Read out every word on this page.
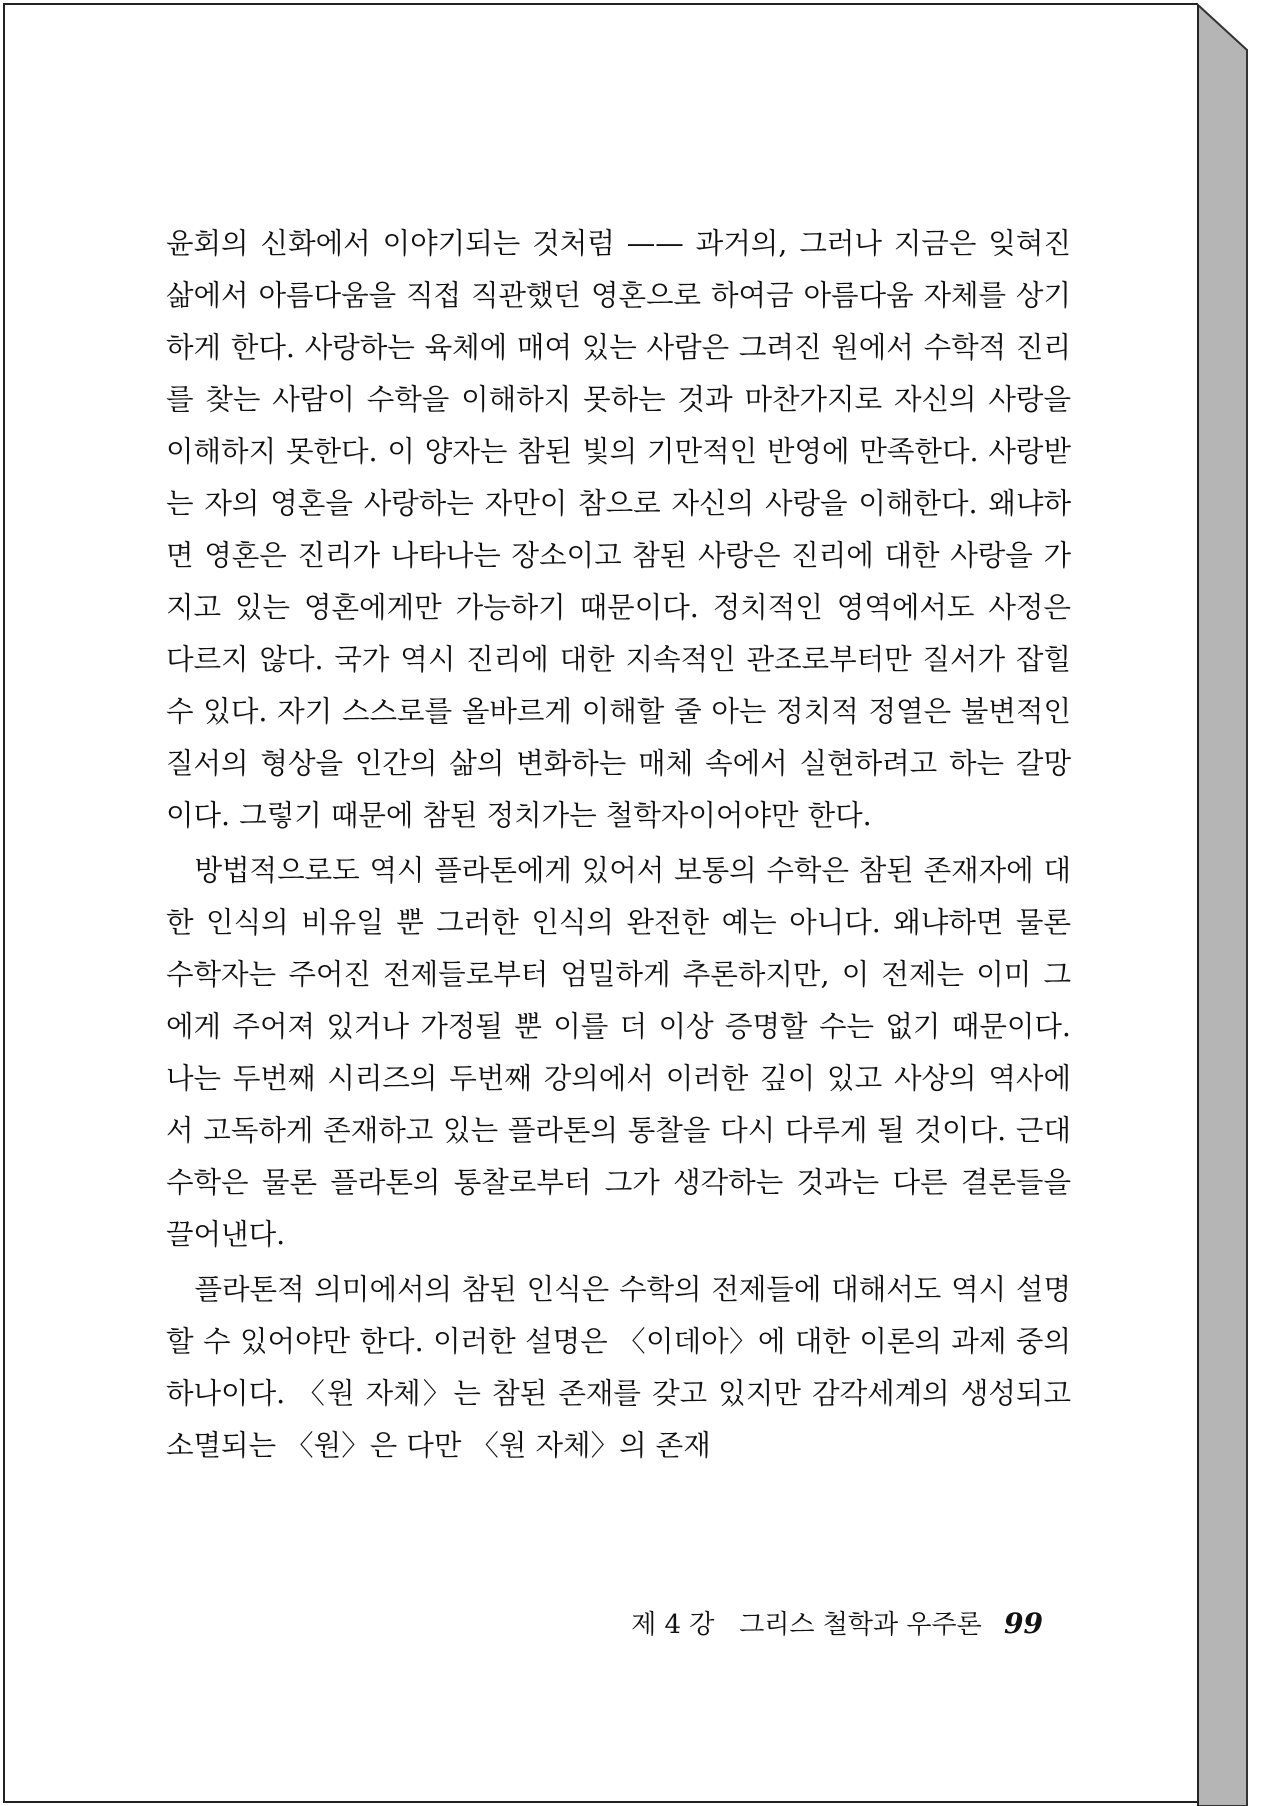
윤회의 신화에서 이야기되는 것처럼 —— 과거의, 그러나 지금은 잊혀진 삶에서 아름다움을 직접 직관했던 영혼으로 하여금 아름다움 자체를 상기하게 한다. 사랑하는 육체에 매여 있는 사람은 그려진 원에서 수학적 진리를 찾는 사람이 수학을 이해하지 못하는 것과 마찬가지로 자신의 사랑을 이해하지 못한다. 이 양자는 참된 빛의 기만적인 반영에 만족한다. 사랑받는 자의 영혼을 사랑하는 자만이 참으로 자신의 사랑을 이해한다. 왜냐하면 영혼은 진리가 나타나는 장소이고 참된 사랑은 진리에 대한 사랑을 가지고 있는 영혼에게만 가능하기 때문이다. 정치적인 영역에서도 사정은 다르지 않다. 국가 역시 진리에 대한 지속적인 관조로부터만 질서가 잡힐 수 있다. 자기 스스로를 올바르게 이해할 줄 아는 정치적 정열은 불변적인 질서의 형상을 인간의 삶의 변화하는 매체 속에서 실현하려고 하는 갈망이다. 그렇기 때문에 참된 정치가는 철학자이어야만 한다.

방법적으로도 역시 플라톤에게 있어서 보통의 수학은 참된 존재자에 대한 인식의 비유일 뿐 그러한 인식의 완전한 예는 아니다. 왜냐하면 물론 수학자는 주어진 전제들로부터 엄밀하게 추론하지만, 이 전제는 이미 그에게 주어져 있거나 가정될 뿐 이를 더 이상 증명할 수는 없기 때문이다. 나는 두번째 시리즈의 두번째 강의에서 이러한 깊이 있고 사상의 역사에서 고독하게 존재하고 있는 플라톤의 통찰을 다시 다루게 될 것이다. 근대 수학은 물론 플라톤의 통찰로부터 그가 생각하는 것과는 다른 결론들을 끌어낸다.

플라톤적 의미에서의 참된 인식은 수학의 전제들에 대해서도 역시 설명할 수 있어야만 한다. 이러한 설명은 〈이데아〉에 대한 이론의 과제 중의 하나이다. 〈원 자체〉는 참된 존재를 갖고 있지만 감각세계의 생성되고 소멸되는 〈원〉은 다만 〈원 자체〉의 존재

제 4 강 그리스 철학과 우주론 99
